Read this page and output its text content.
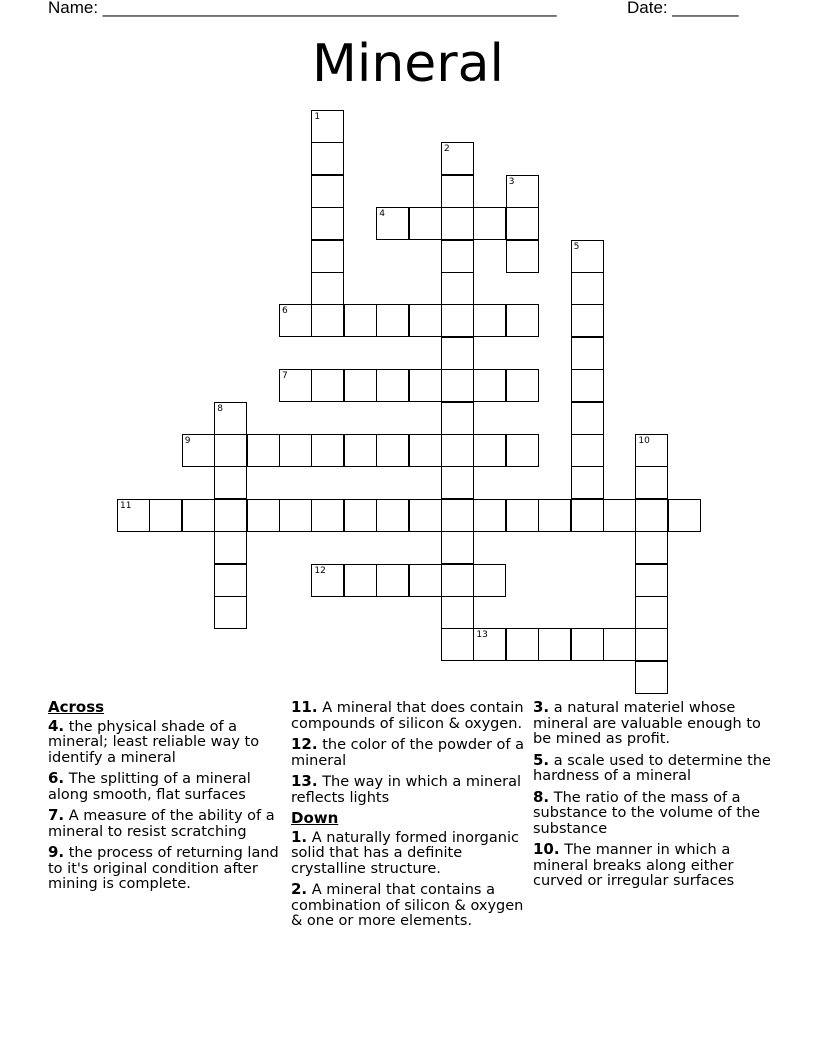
Name: ________________________________________________	Date: _______
Mineral
1
2
3
4
5
6
7
8
9	10
11
12
13
Across
4. the physical shade of a mineral; least reliable way to identify a mineral
6. The splitting of a mineral along smooth, flat surfaces
7. A measure of the ability of a mineral to resist scratching
9. the process of returning land to it's original condition after mining is complete.
11. A mineral that does contain compounds of silicon & oxygen.
12. the color of the powder of a mineral
13. The way in which a mineral reflects lights
Down
1. A naturally formed inorganic solid that has a definite crystalline structure.
2. A mineral that contains a combination of silicon & oxygen & one or more elements.
3. a natural materiel whose mineral are valuable enough to be mined as profit.
5. a scale used to determine the hardness of a mineral
8. The ratio of the mass of a substance to the volume of the substance
10. The manner in which a mineral breaks along either curved or irregular surfaces
